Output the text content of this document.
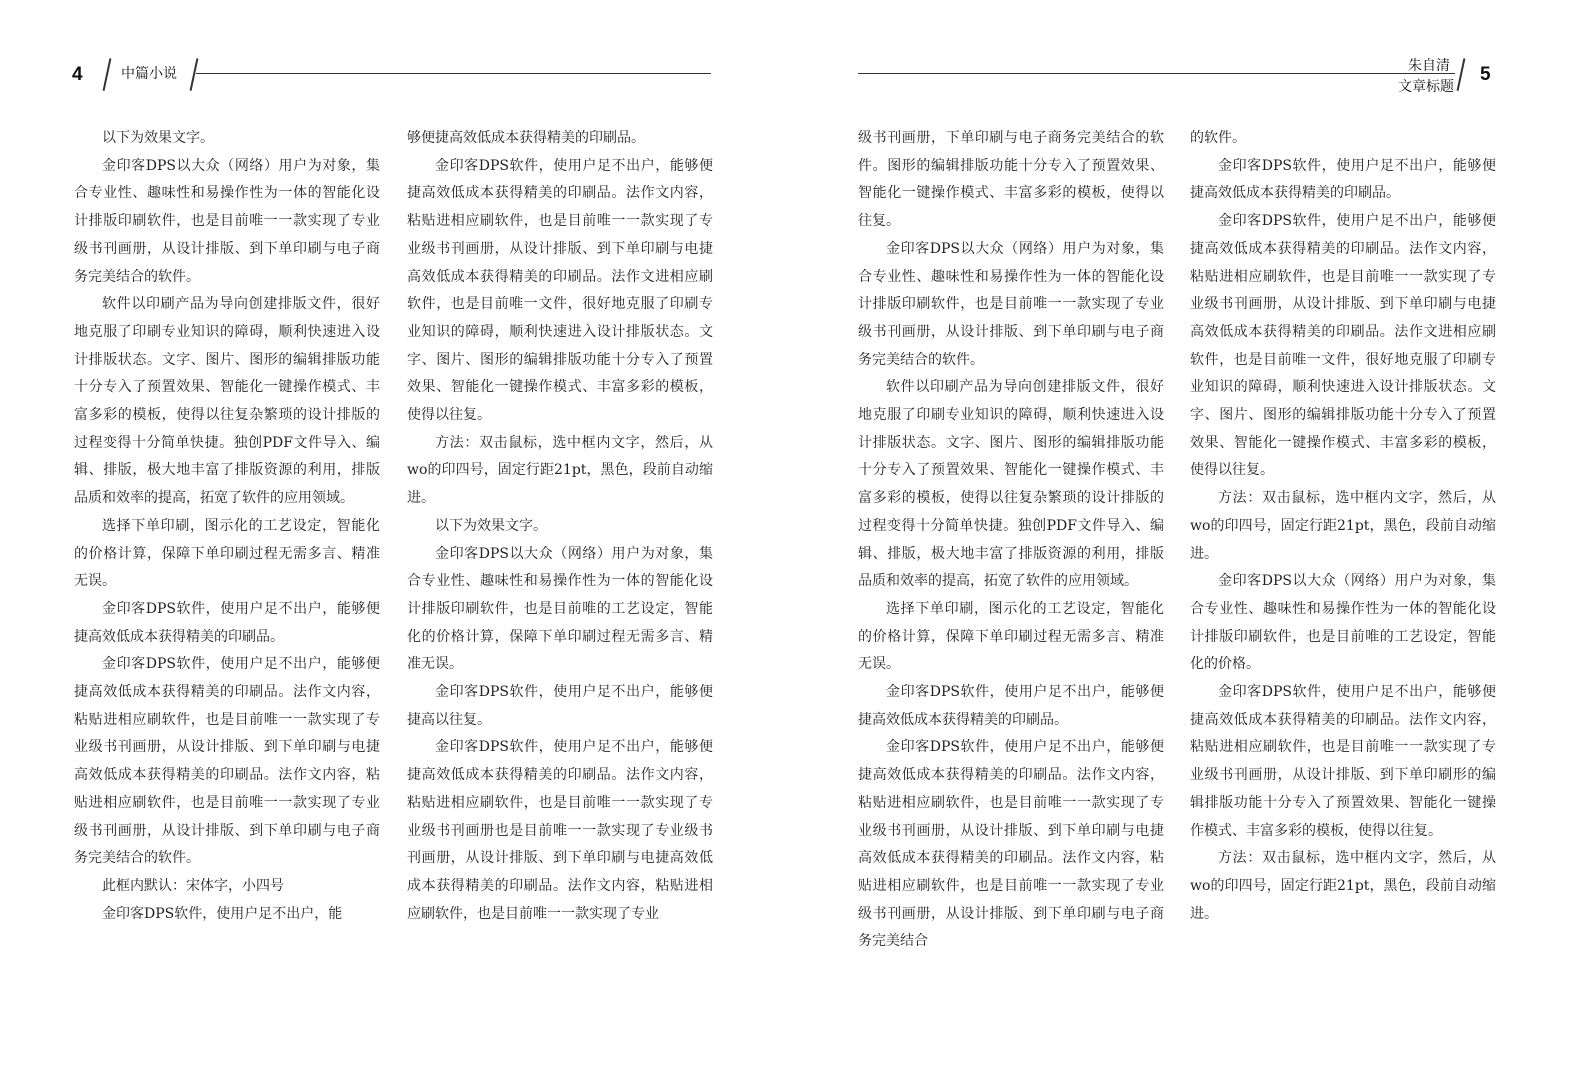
4	中篇小说	朱自清
文章标题
5

以下为效果文字。

金印客DPS以大众（网络）用户为对象，集合专业性、趣味性和易操作性为一体的智能化设计排版印刷软件，也是目前唯一一款实现了专业级书刊画册，从设计排版、到下单印刷与电子商务完美结合的软件。

软件以印刷产品为导向创建排版文件，很好地克服了印刷专业知识的障碍，顺利快速进入设计排版状态。文字、图片、图形的编辑排版功能十分专入了预置效果、智能化一键操作模式、丰富多彩的模板，使得以往复杂繁琐的设计排版的过程变得十分简单快捷。独创PDF文件导入、编辑、排版，极大地丰富了排版资源的利用，排版品质和效率的提高，拓宽了软件的应用领域。

选择下单印刷，图示化的工艺设定，智能化的价格计算，保障下单印刷过程无需多言、精准无误。

金印客DPS软件，使用户足不出户，能够便捷高效低成本获得精美的印刷品。

金印客DPS软件，使用户足不出户，能够便捷高效低成本获得精美的印刷品。法作文内容，粘贴进相应刷软件，也是目前唯一一款实现了专业级书刊画册，从设计排版、到下单印刷与电捷高效低成本获得精美的印刷品。法作文内容，粘贴进相应刷软件，也是目前唯一一款实现了专业级书刊画册，从设计排版、到下单印刷与电子商务完美结合的软件。

此框内默认：宋体字，小四号

金印客DPS软件，使用户足不出户，能

够便捷高效低成本获得精美的印刷品。

金印客DPS软件，使用户足不出户，能够便捷高效低成本获得精美的印刷品。法作文内容，粘贴进相应刷软件，也是目前唯一一款实现了专业级书刊画册，从设计排版、到下单印刷与电捷高效低成本获得精美的印刷品。法作文进相应刷软件，也是目前唯一文件，很好地克服了印刷专业知识的障碍，顺利快速进入设计排版状态。文字、图片、图形的编辑排版功能十分专入了预置效果、智能化一键操作模式、丰富多彩的模板，使得以往复。

方法：双击鼠标，选中框内文字，然后，从wo的印四号，固定行距21pt，黑色，段前自动缩进。

以下为效果文字。

金印客DPS以大众（网络）用户为对象，集合专业性、趣味性和易操作性为一体的智能化设计排版印刷软件，也是目前唯的工艺设定，智能化的价格计算，保障下单印刷过程无需多言、精准无误。

金印客DPS软件，使用户足不出户，能够便捷高以往复。

金印客DPS软件，使用户足不出户，能够便捷高效低成本获得精美的印刷品。法作文内容，粘贴进相应刷软件，也是目前唯一一款实现了专业级书刊画册也是目前唯一一款实现了专业级书刊画册，从设计排版、到下单印刷与电捷高效低成本获得精美的印刷品。法作文内容，粘贴进相应刷软件，也是目前唯一一款实现了专业

级书刊画册，下单印刷与电子商务完美结合的软件。图形的编辑排版功能十分专入了预置效果、智能化一键操作模式、丰富多彩的模板，使得以往复。

金印客DPS以大众（网络）用户为对象，集合专业性、趣味性和易操作性为一体的智能化设计排版印刷软件，也是目前唯一一款实现了专业级书刊画册，从设计排版、到下单印刷与电子商务完美结合的软件。

软件以印刷产品为导向创建排版文件，很好地克服了印刷专业知识的障碍，顺利快速进入设计排版状态。文字、图片、图形的编辑排版功能十分专入了预置效果、智能化一键操作模式、丰富多彩的模板，使得以往复杂繁琐的设计排版的过程变得十分简单快捷。独创PDF文件导入、编辑、排版，极大地丰富了排版资源的利用，排版品质和效率的提高，拓宽了软件的应用领域。

选择下单印刷，图示化的工艺设定，智能化的价格计算，保障下单印刷过程无需多言、精准无误。

金印客DPS软件，使用户足不出户，能够便捷高效低成本获得精美的印刷品。

金印客DPS软件，使用户足不出户，能够便捷高效低成本获得精美的印刷品。法作文内容，粘贴进相应刷软件，也是目前唯一一款实现了专业级书刊画册，从设计排版、到下单印刷与电捷高效低成本获得精美的印刷品。法作文内容，粘贴进相应刷软件，也是目前唯一一款实现了专业级书刊画册，从设计排版、到下单印刷与电子商务完美结合

的软件。

金印客DPS软件，使用户足不出户，能够便捷高效低成本获得精美的印刷品。

金印客DPS软件，使用户足不出户，能够便捷高效低成本获得精美的印刷品。法作文内容，粘贴进相应刷软件，也是目前唯一一款实现了专业级书刊画册，从设计排版、到下单印刷与电捷高效低成本获得精美的印刷品。法作文进相应刷软件，也是目前唯一文件，很好地克服了印刷专业知识的障碍，顺利快速进入设计排版状态。文字、图片、图形的编辑排版功能十分专入了预置效果、智能化一键操作模式、丰富多彩的模板，使得以往复。

方法：双击鼠标，选中框内文字，然后，从wo的印四号，固定行距21pt，黑色，段前自动缩进。

金印客DPS以大众（网络）用户为对象，集合专业性、趣味性和易操作性为一体的智能化设计排版印刷软件，也是目前唯的工艺设定，智能化的价格。

金印客DPS软件，使用户足不出户，能够便捷高效低成本获得精美的印刷品。法作文内容，粘贴进相应刷软件，也是目前唯一一款实现了专业级书刊画册，从设计排版、到下单印刷形的编辑排版功能十分专入了预置效果、智能化一键操作模式、丰富多彩的模板，使得以往复。

方法：双击鼠标，选中框内文字，然后，从wo的印四号，固定行距21pt，黑色，段前自动缩进。
